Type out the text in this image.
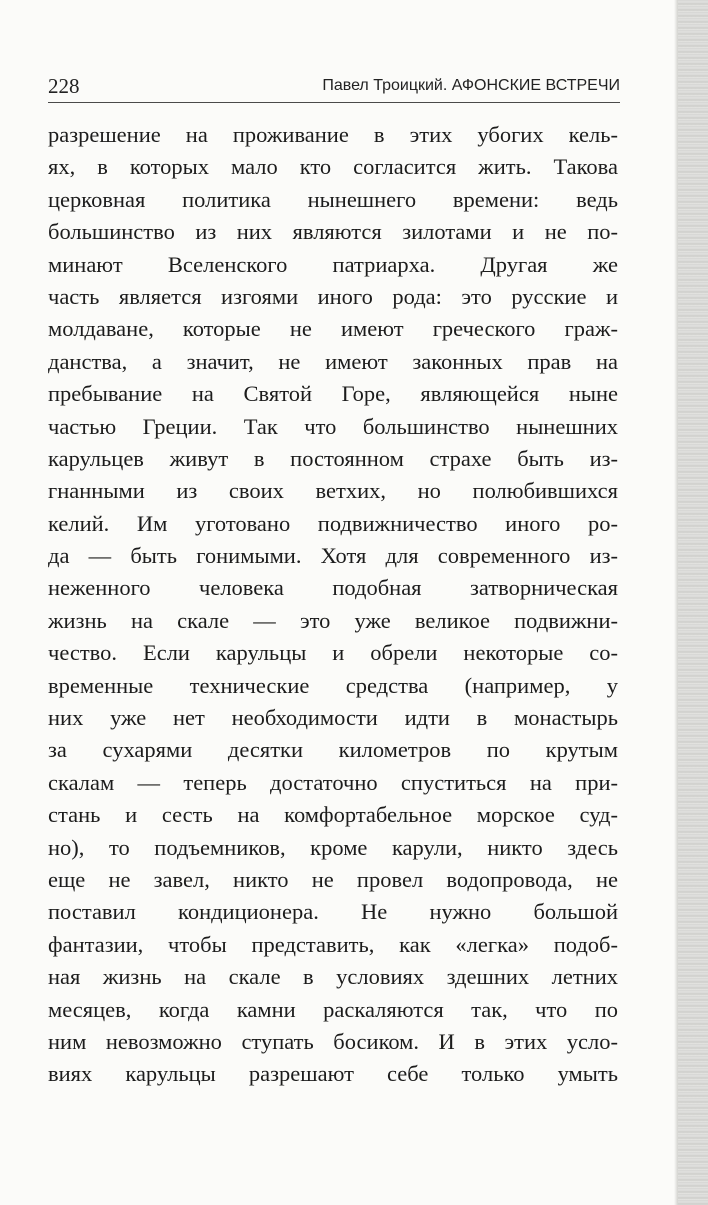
228	Павел Троицкий. АФОНСКИЕ ВСТРЕЧИ
разрешение на проживание в этих убогих кель-
ях, в которых мало кто согласится жить. Такова
церковная политика нынешнего времени: ведь
большинство из них являются зилотами и не по-
минают Вселенского патриарха. Другая же
часть является изгоями иного рода: это русские и
молдаване, которые не имеют греческого граж-
данства, а значит, не имеют законных прав на
пребывание на Святой Горе, являющейся ныне
частью Греции. Так что большинство нынешних
карульцев живут в постоянном страхе быть из-
гнанными из своих ветхих, но полюбившихся
келий. Им уготовано подвижничество иного ро-
да — быть гонимыми. Хотя для современного из-
неженного человека подобная затворническая
жизнь на скале — это уже великое подвижни-
чество. Если карульцы и обрели некоторые со-
временные технические средства (например, у
них уже нет необходимости идти в монастырь
за сухарями десятки километров по крутым
скалам — теперь достаточно спуститься на при-
стань и сесть на комфортабельное морское суд-
но), то подъемников, кроме карули, никто здесь
еще не завел, никто не провел водопровода, не
поставил кондиционера. Не нужно большой
фантазии, чтобы представить, как «легка» подоб-
ная жизнь на скале в условиях здешних летних
месяцев, когда камни раскаляются так, что по
ним невозможно ступать босиком. И в этих усло-
виях карульцы разрешают себе только умыть
